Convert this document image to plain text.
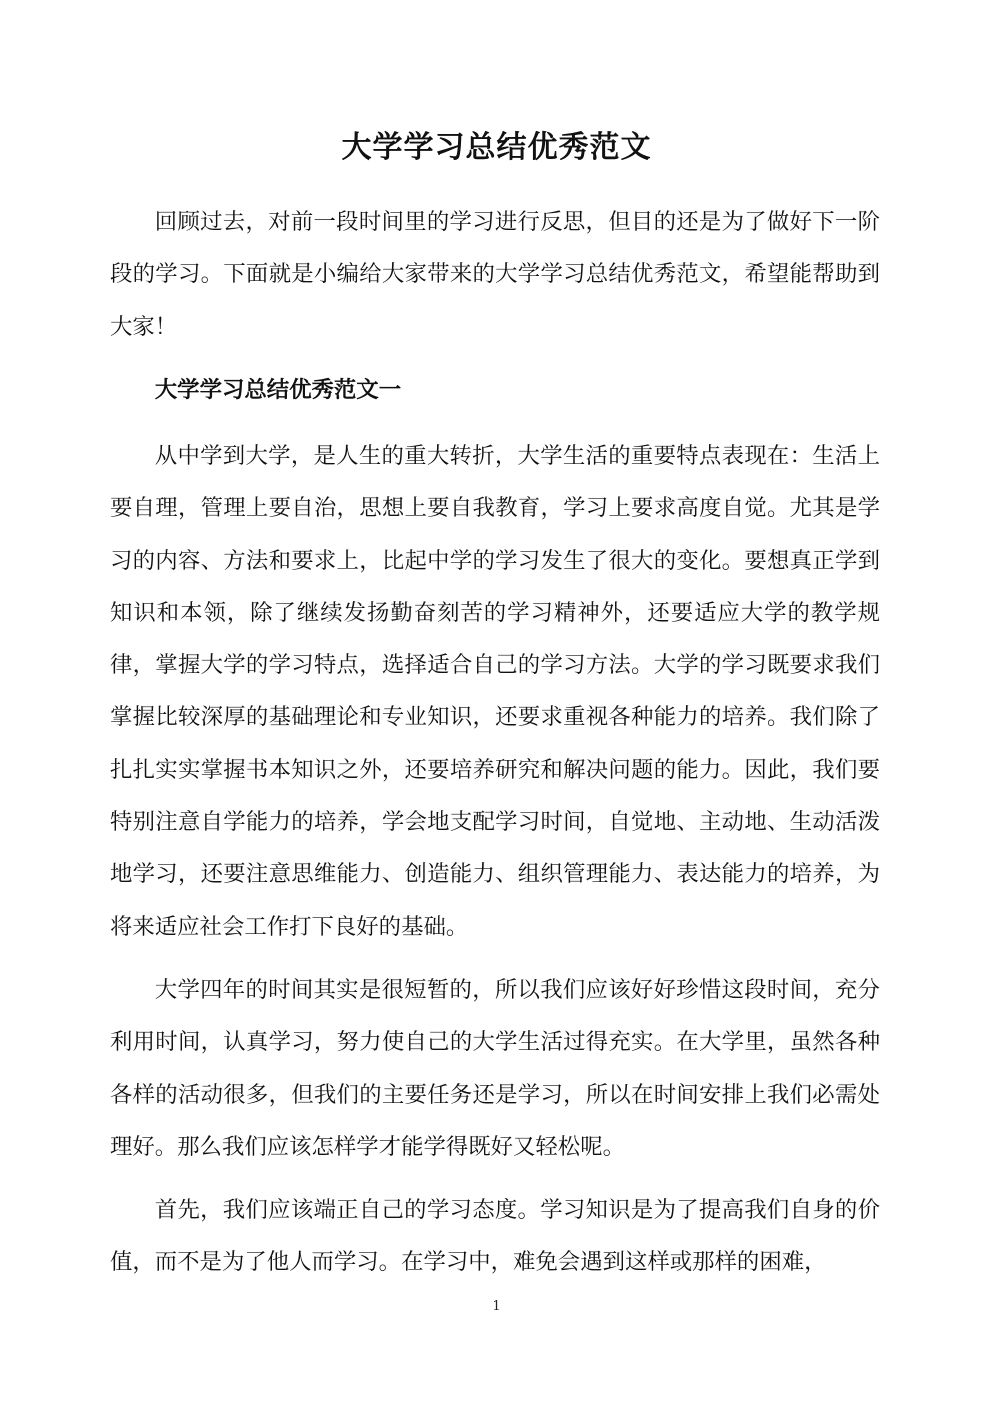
大学学习总结优秀范文

回顾过去，对前一段时间里的学习进行反思，但目的还是为了做好下一阶段的学习。下面就是小编给大家带来的大学学习总结优秀范文，希望能帮助到大家！

大学学习总结优秀范文一

从中学到大学，是人生的重大转折，大学生活的重要特点表现在：生活上要自理，管理上要自治，思想上要自我教育，学习上要求高度自觉。尤其是学习的内容、方法和要求上，比起中学的学习发生了很大的变化。要想真正学到知识和本领，除了继续发扬勤奋刻苦的学习精神外，还要适应大学的教学规律，掌握大学的学习特点，选择适合自己的学习方法。大学的学习既要求我们掌握比较深厚的基础理论和专业知识，还要求重视各种能力的培养。我们除了扎扎实实掌握书本知识之外，还要培养研究和解决问题的能力。因此，我们要特别注意自学能力的培养，学会地支配学习时间，自觉地、主动地、生动活泼地学习，还要注意思维能力、创造能力、组织管理能力、表达能力的培养，为将来适应社会工作打下良好的基础。

大学四年的时间其实是很短暂的，所以我们应该好好珍惜这段时间，充分利用时间，认真学习，努力使自己的大学生活过得充实。在大学里，虽然各种各样的活动很多，但我们的主要任务还是学习，所以在时间安排上我们必需处理好。那么我们应该怎样学才能学得既好又轻松呢。

首先，我们应该端正自己的学习态度。学习知识是为了提高我们自身的价值，而不是为了他人而学习。在学习中，难免会遇到这样或那样的困难，

1
